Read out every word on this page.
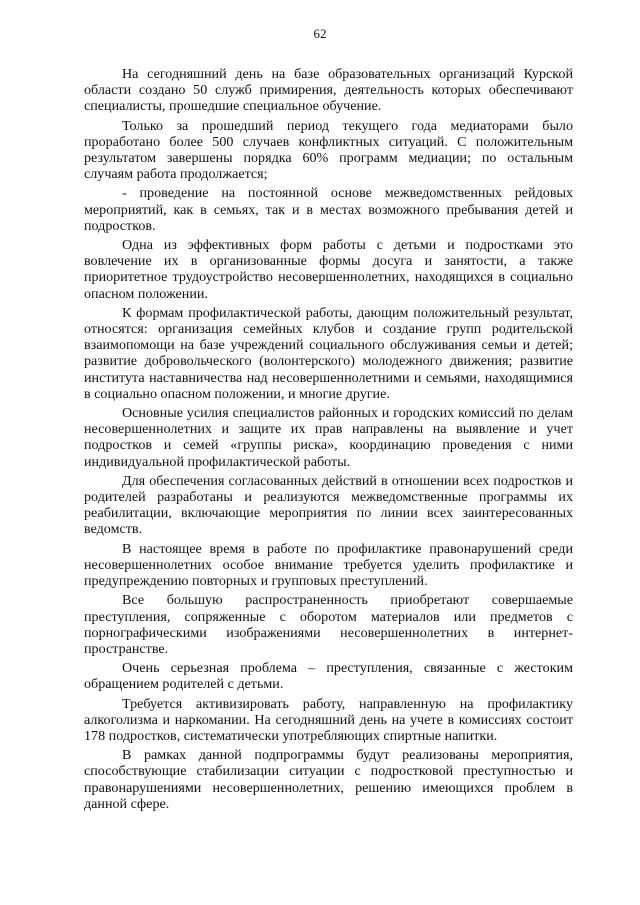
62

На сегодняшний день на базе образовательных организаций Курской области создано 50 служб примирения, деятельность которых обеспечивают специалисты, прошедшие специальное обучение.

Только за прошедший период текущего года медиаторами было проработано более 500 случаев конфликтных ситуаций. С положительным результатом завершены порядка 60% программ медиации; по остальным случаям работа продолжается;

- проведение на постоянной основе межведомственных рейдовых мероприятий, как в семьях, так и в местах возможного пребывания детей и подростков.

Одна из эффективных форм работы с детьми и подростками это вовлечение их в организованные формы досуга и занятости, а также приоритетное трудоустройство несовершеннолетних, находящихся в социально опасном положении.

К формам профилактической работы, дающим положительный результат, относятся: организация семейных клубов и создание групп родительской взаимопомощи на базе учреждений социального обслуживания семьи и детей; развитие добровольческого (волонтерского) молодежного движения; развитие института наставничества над несовершеннолетними и семьями, находящимися в социально опасном положении, и многие другие.

Основные усилия специалистов районных и городских комиссий по делам несовершеннолетних и защите их прав направлены на выявление и учет подростков и семей «группы риска», координацию проведения с ними индивидуальной профилактической работы.

Для обеспечения согласованных действий в отношении всех подростков и родителей разработаны и реализуются межведомственные программы их реабилитации, включающие мероприятия по линии всех заинтересованных ведомств.

В настоящее время в работе по профилактике правонарушений среди несовершеннолетних особое внимание требуется уделить профилактике и предупреждению повторных и групповых преступлений.

Все большую распространенность приобретают совершаемые преступления, сопряженные с оборотом материалов или предметов с порнографическими изображениями несовершеннолетних в интернет-пространстве.

Очень серьезная проблема – преступления, связанные с жестоким обращением родителей с детьми.

Требуется активизировать работу, направленную на профилактику алкоголизма и наркомании. На сегодняшний день на учете в комиссиях состоит 178 подростков, систематически употребляющих спиртные напитки.

В рамках данной подпрограммы будут реализованы мероприятия, способствующие стабилизации ситуации с подростковой преступностью и правонарушениями несовершеннолетних, решению имеющихся проблем в данной сфере.
